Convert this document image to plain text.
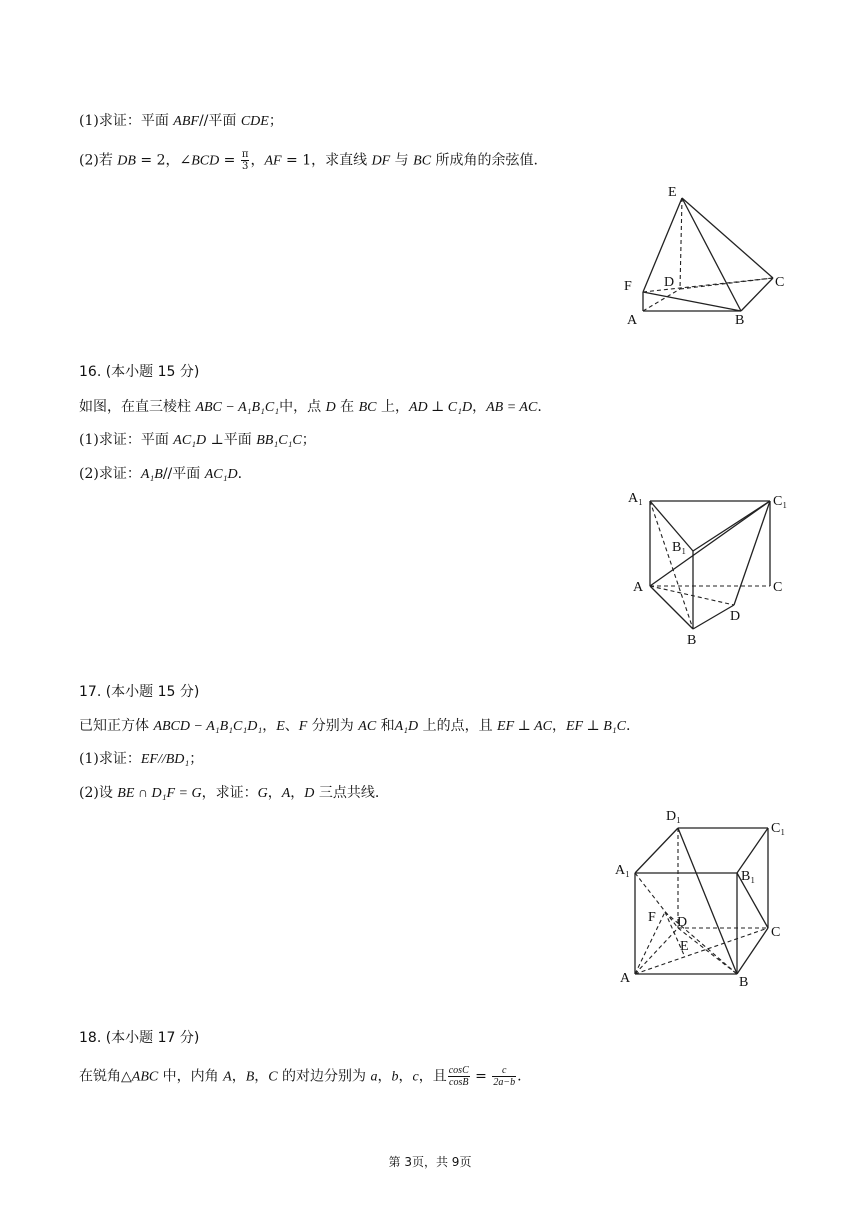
(1)求证：平面 ABF//平面 CDE；
(2)若 DB = 2，∠BCD = $\frac{\pi}{3}$ ，AF = 1，求直线 DF 与 BC 所成角的余弦值.
E
F D	C
A	B
16. (本小题 15 分)
如图，在直三棱柱 ABC − A₁B₁C₁中，点 D 在 BC 上，AD ⊥ C₁D，AB = AC.
(1)求证：平面 AC₁D ⊥平面 BB₁C₁C；
(2)求证：A₁B//平面 AC₁D.
A₁	C₁
B₁
A	C
D
B
17. (本小题 15 分)
已知正方体 ABCD − A₁B₁C₁D₁，E、F 分别为 AC 和A₁D 上的点，且 EF ⊥ AC，EF ⊥ B₁C.
(1)求证：EF//BD₁；
(2)设 BE ∩ D₁F = G，求证：G，A，D 三点共线.
D₁
C₁
A₁	B₁
F D
C
E
A	B
18. (本小题 17 分)
在锐角△ABC 中，内角 A，B，C 的对边分别为 a，b，c，且 $\frac{\cos C}{\cos B} = \frac{c}{2a-b}$ .
第 3页，共 9页
